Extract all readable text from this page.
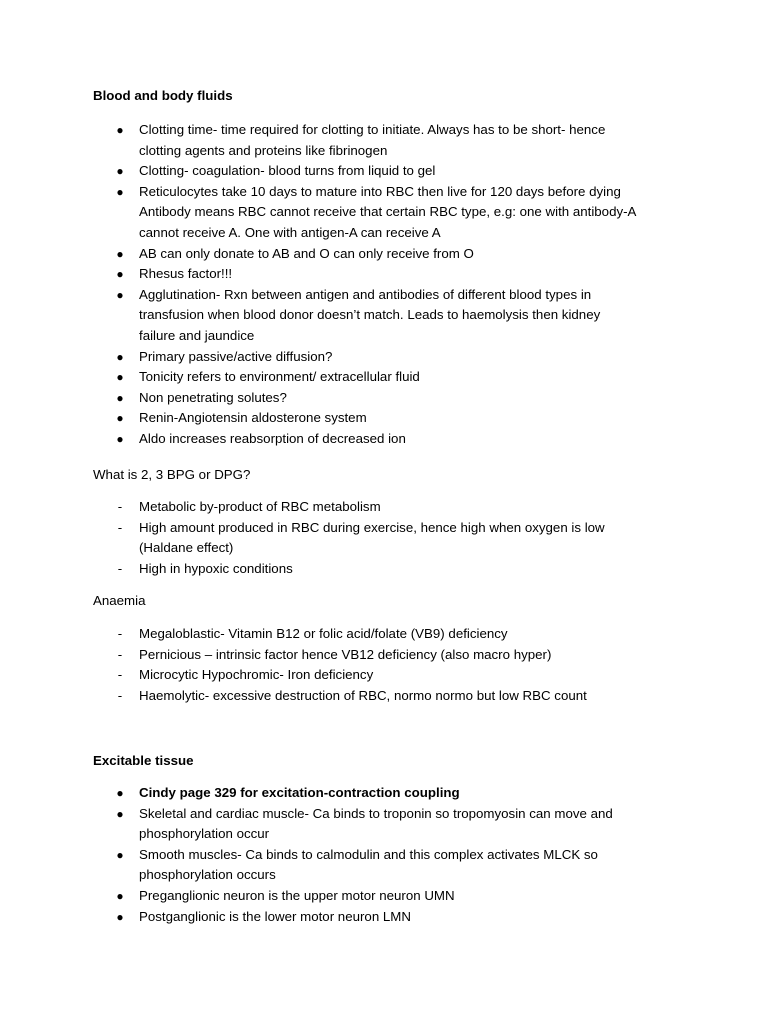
Blood and body fluids
● Clotting time- time required for clotting to initiate. Always has to be short- hence
clotting agents and proteins like fibrinogen
● Clotting- coagulation- blood turns from liquid to gel
● Reticulocytes take 10 days to mature into RBC then live for 120 days before dying
Antibody means RBC cannot receive that certain RBC type, e.g: one with antibody-A
cannot receive A. One with antigen-A can receive A
● AB can only donate to AB and O can only receive from O
● Rhesus factor!!!
● Agglutination- Rxn between antigen and antibodies of different blood types in
transfusion when blood donor doesn’t match. Leads to haemolysis then kidney
failure and jaundice
● Primary passive/active diffusion?
● Tonicity refers to environment/ extracellular fluid
● Non penetrating solutes?
● Renin-Angiotensin aldosterone system
● Aldo increases reabsorption of decreased ion
What is 2, 3 BPG or DPG?
- Metabolic by-product of RBC metabolism
- High amount produced in RBC during exercise, hence high when oxygen is low
(Haldane effect)
- High in hypoxic conditions
Anaemia
- Megaloblastic- Vitamin B12 or folic acid/folate (VB9) deficiency
- Pernicious – intrinsic factor hence VB12 deficiency (also macro hyper)
- Microcytic Hypochromic- Iron deficiency
- Haemolytic- excessive destruction of RBC, normo normo but low RBC count
Excitable tissue
● Cindy page 329 for excitation-contraction coupling
● Skeletal and cardiac muscle- Ca binds to troponin so tropomyosin can move and
phosphorylation occur
● Smooth muscles- Ca binds to calmodulin and this complex activates MLCK so
phosphorylation occurs
● Preganglionic neuron is the upper motor neuron UMN
● Postganglionic is the lower motor neuron LMN
